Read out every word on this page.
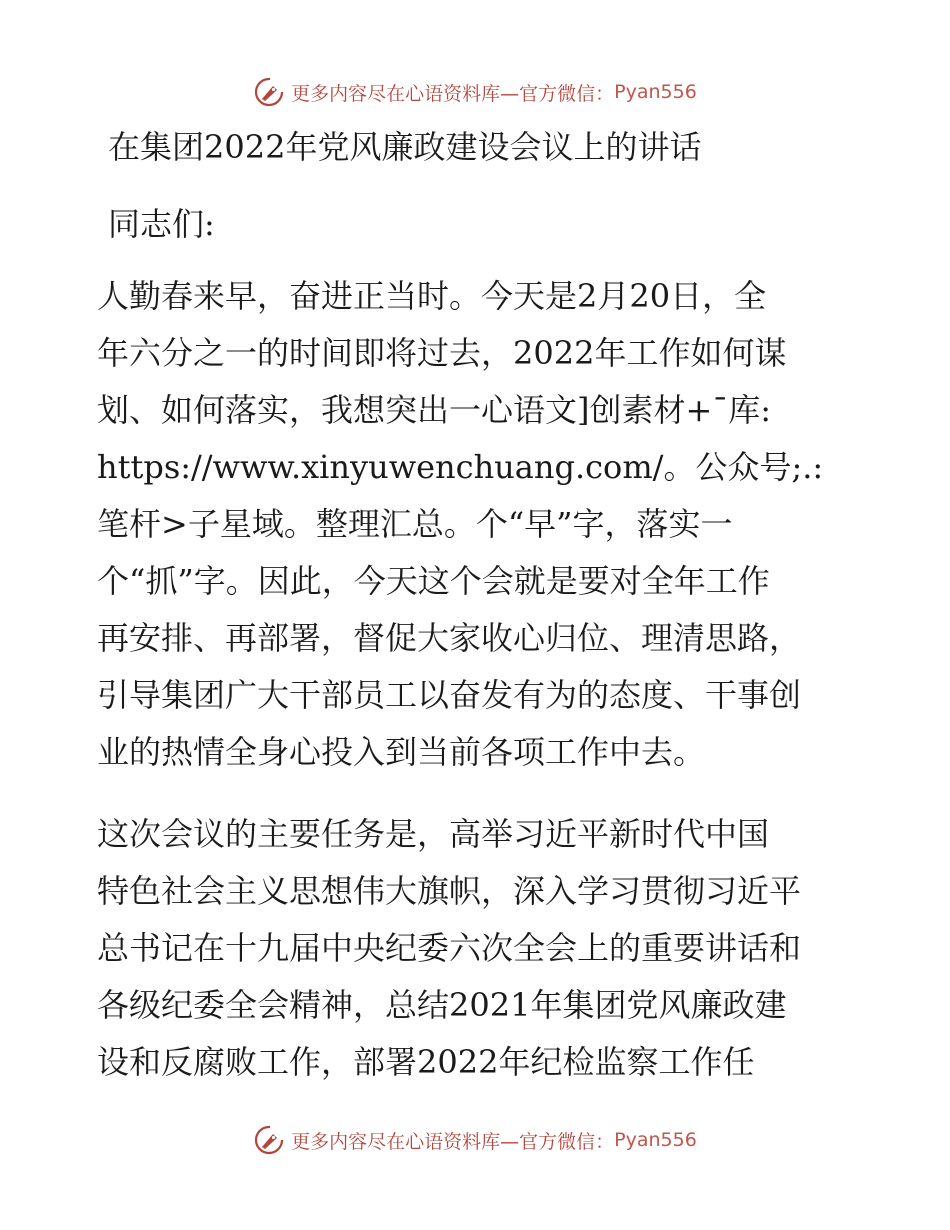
更多内容尽在心语资料库—官方微信： Pyan556
在集团2022年党风廉政建设会议上的讲话
同志们:
人勤春来早，奋进正当时。今天是2月20日，全
年六分之一的时间即将过去，2022年工作如何谋
划、如何落实，我想突出一心语文]创素材+¯库:
https://www.xinyuwenchuang.com/。公众号;.:
笔杆>子星域。整理汇总。个“早”字，落实一
个“抓”字。因此，今天这个会就是要对全年工作
再安排、再部署，督促大家收心归位、理清思路，
引导集团广大干部员工以奋发有为的态度、干事创
业的热情全身心投入到当前各项工作中去。
这次会议的主要任务是，高举习近平新时代中国
特色社会主义思想伟大旗帜，深入学习贯彻习近平
总书记在十九届中央纪委六次全会上的重要讲话和
各级纪委全会精神，总结2021年集团党风廉政建
设和反腐败工作，部署2022年纪检监察工作任
更多内容尽在心语资料库—官方微信： Pyan556
